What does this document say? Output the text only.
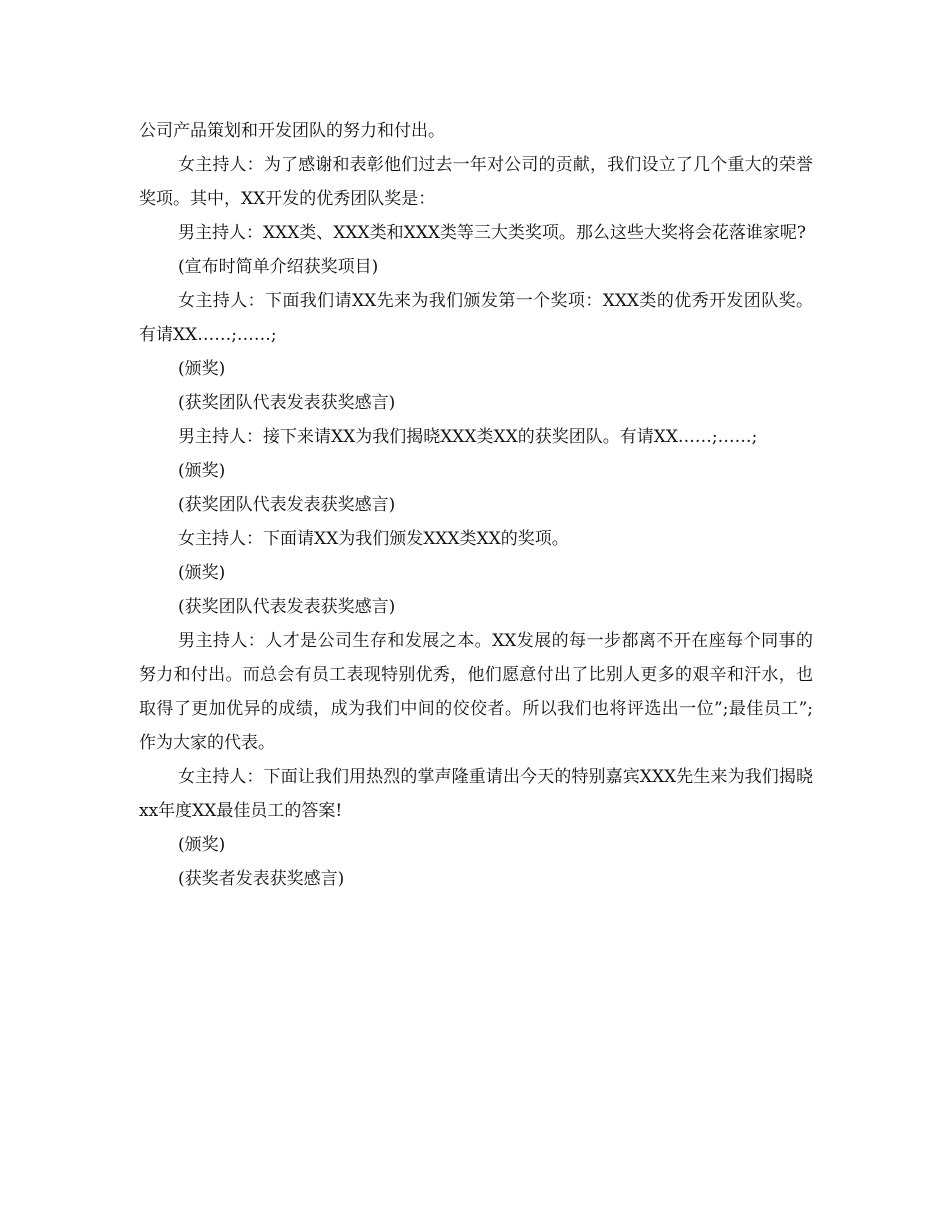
公司产品策划和开发团队的努力和付出。

女主持人：为了感谢和表彰他们过去一年对公司的贡献，我们设立了几个重大的荣誉奖项。其中，XX开发的优秀团队奖是：

男主持人：XXX类、XXX类和XXX类等三大类奖项。那么这些大奖将会花落谁家呢?

(宣布时简单介绍获奖项目)

女主持人：下面我们请XX先来为我们颁发第一个奖项：XXX类的优秀开发团队奖。有请XX……;……;

(颁奖)

(获奖团队代表发表获奖感言)

男主持人：接下来请XX为我们揭晓XXX类XX的获奖团队。有请XX……;……;

(颁奖)

(获奖团队代表发表获奖感言)

女主持人：下面请XX为我们颁发XXX类XX的奖项。

(颁奖)

(获奖团队代表发表获奖感言)

男主持人：人才是公司生存和发展之本。XX发展的每一步都离不开在座每个同事的努力和付出。而总会有员工表现特别优秀，他们愿意付出了比别人更多的艰辛和汗水，也取得了更加优异的成绩，成为我们中间的佼佼者。所以我们也将评选出一位”;最佳员工”;作为大家的代表。

女主持人：下面让我们用热烈的掌声隆重请出今天的特别嘉宾XXX先生来为我们揭晓xx年度XX最佳员工的答案!

(颁奖)

(获奖者发表获奖感言)
